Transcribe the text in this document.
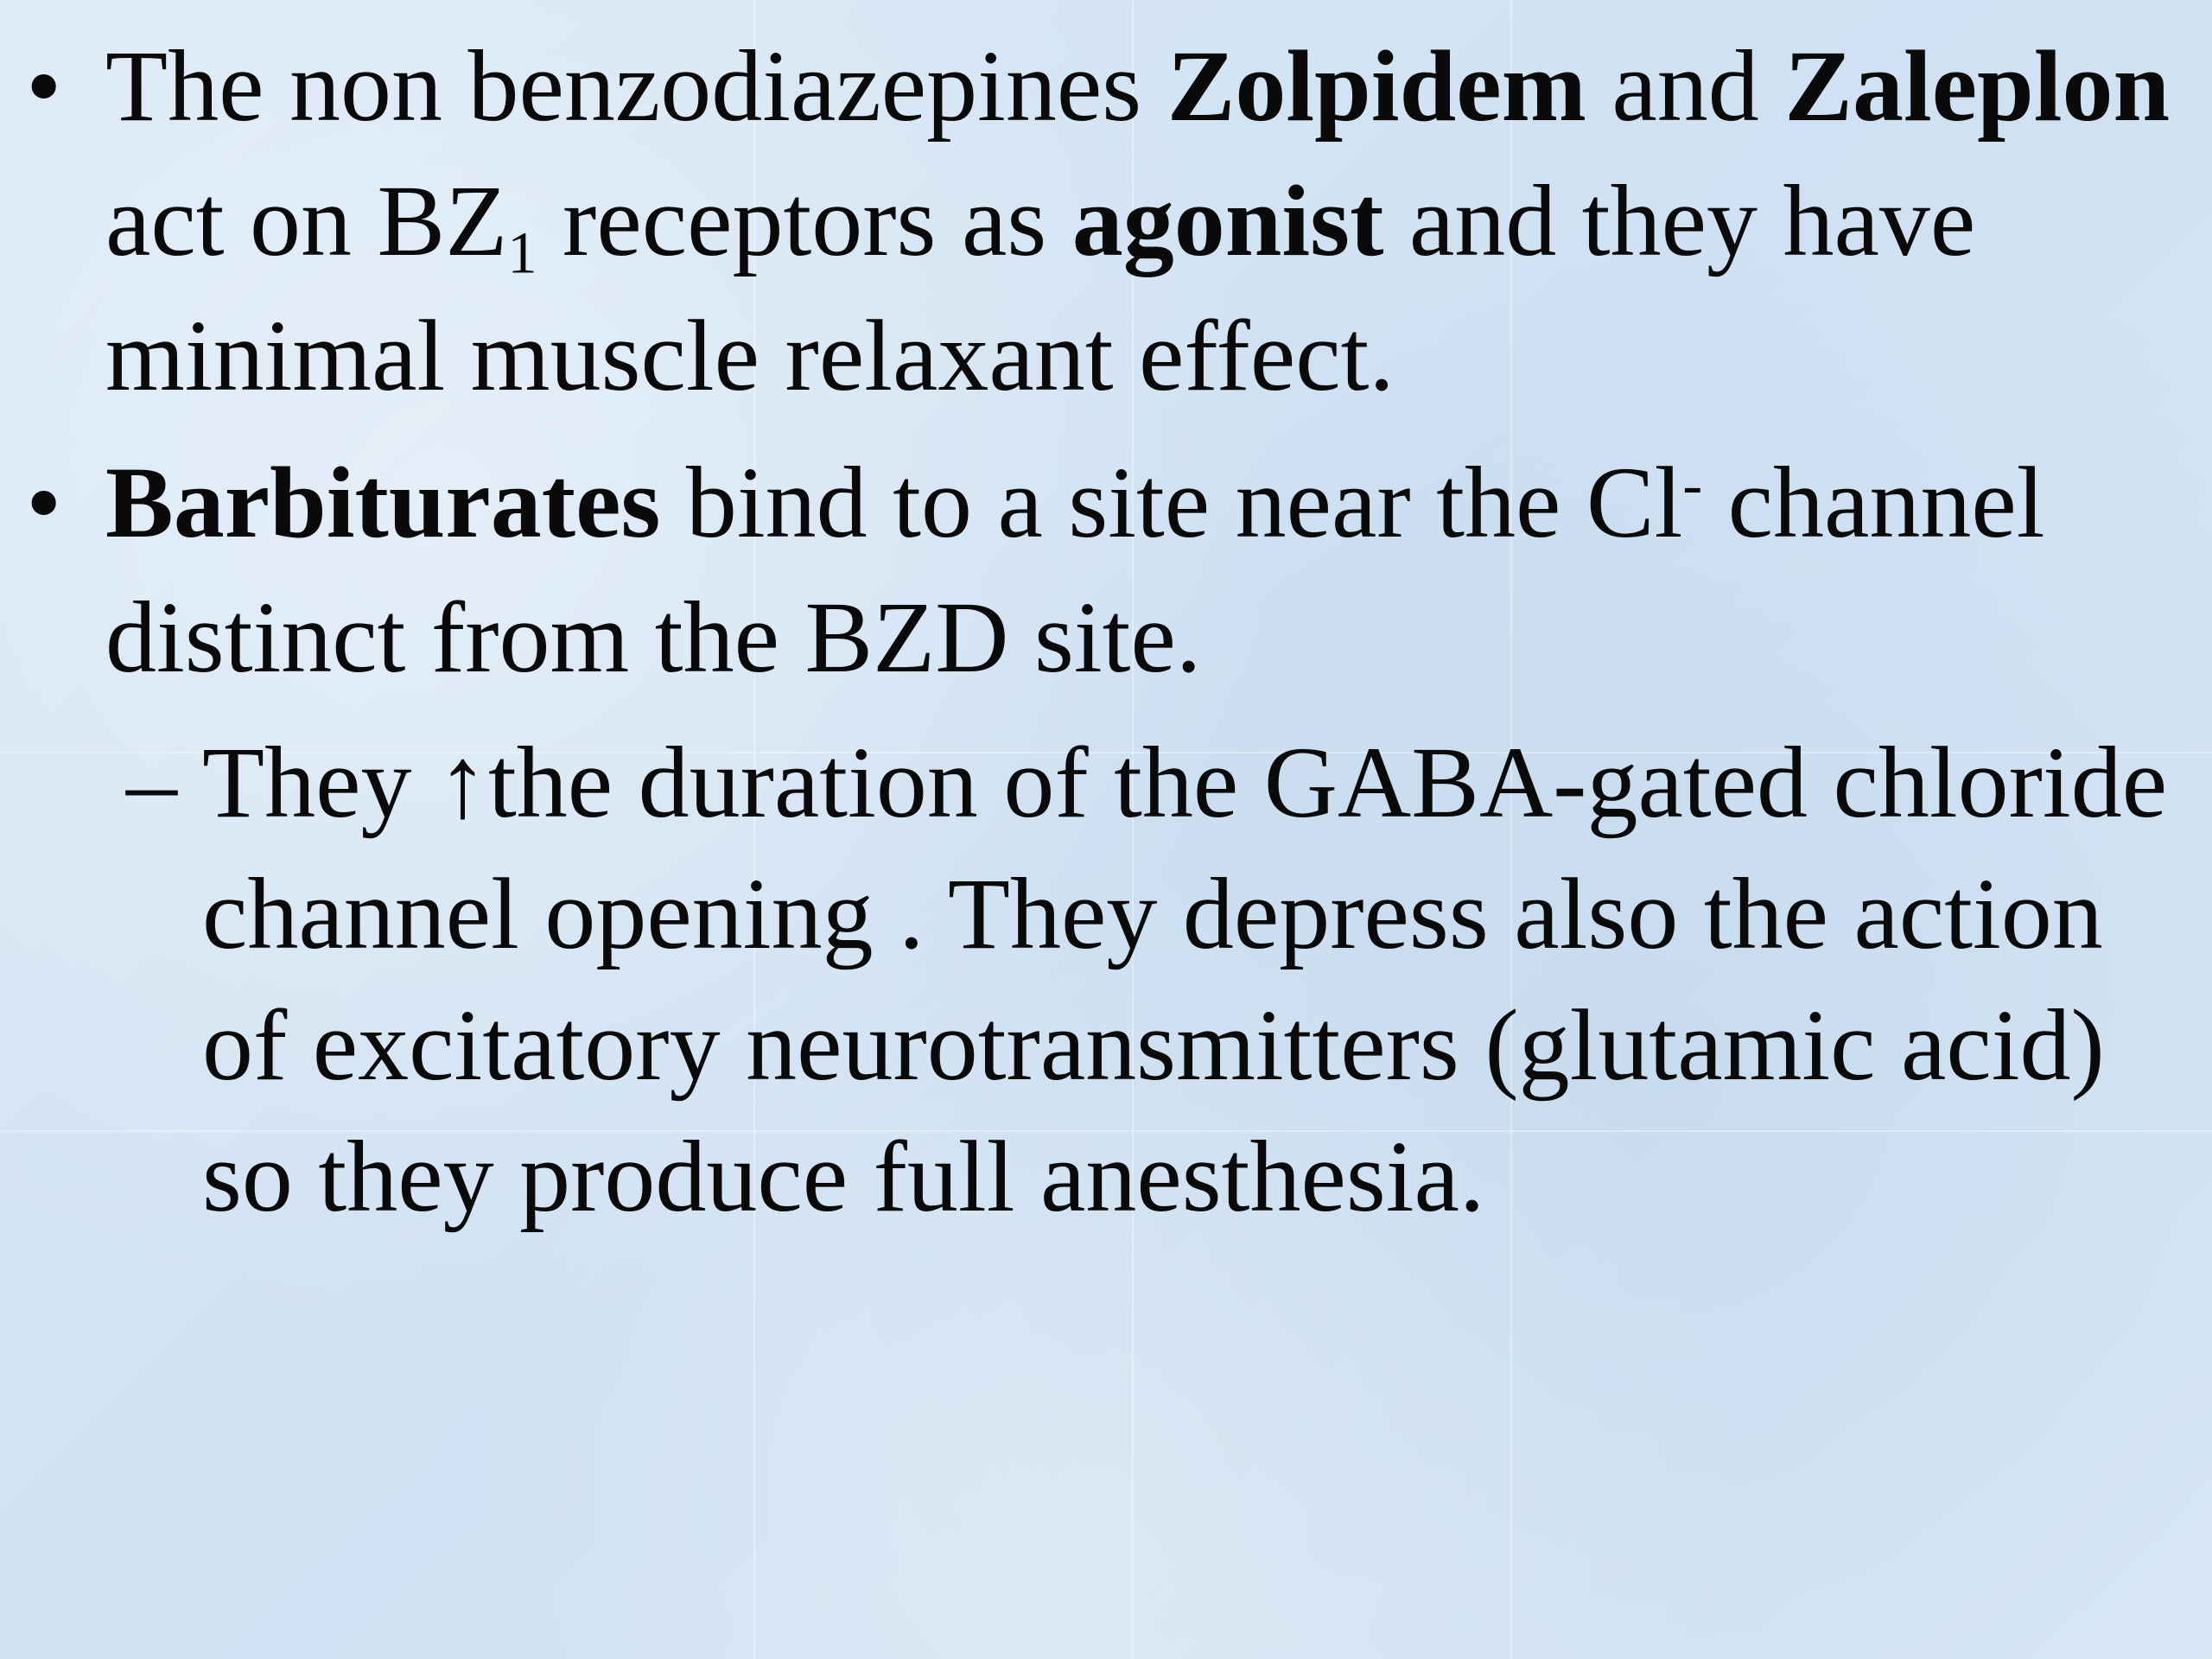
• The non benzodiazepines Zolpidem and Zaleplon act on $BZ_1$ receptors as agonist and they have minimal muscle relaxant effect.
• Barbiturates bind to a site near the Cl- channel distinct from the BZD site.
– They ↑the duration of the GABA-gated chloride channel opening . They depress also the action of excitatory neurotransmitters (glutamic acid) so they produce full anesthesia.
